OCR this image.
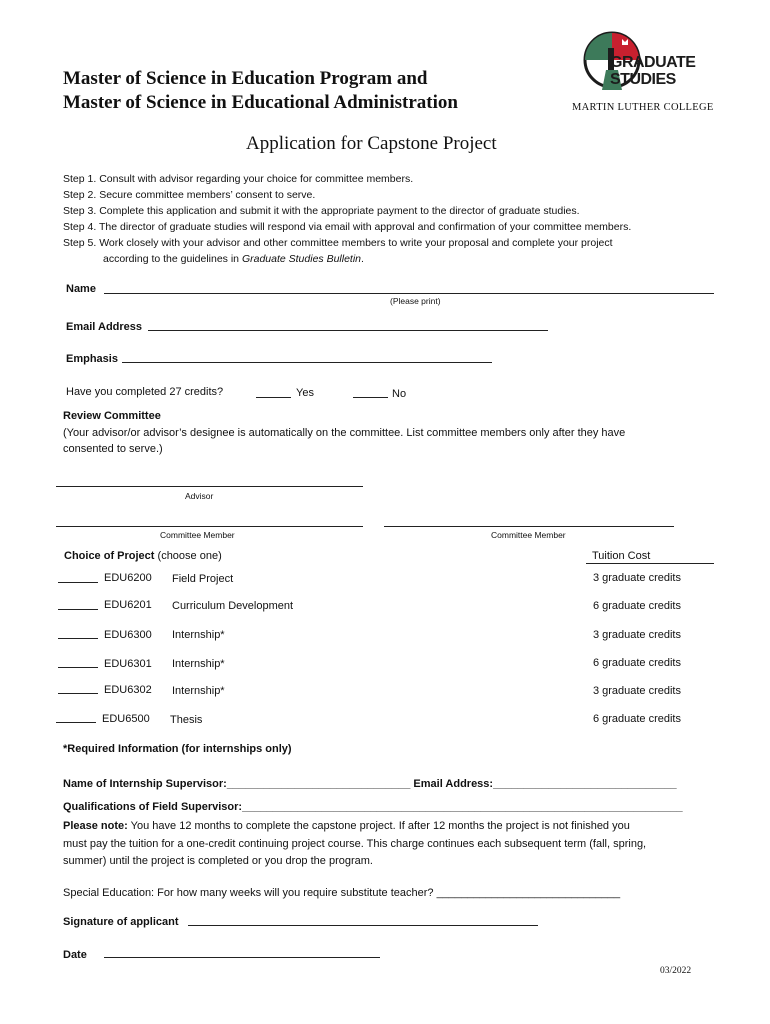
Master of Science in Education Program and
Master of Science in Educational Administration
GRADUATE
STUDIES
MARTIN LUTHER COLLEGE
Application for Capstone Project
Step 1. Consult with advisor regarding your choice for committee members.
Step 2. Secure committee members’ consent to serve.
Step 3. Complete this application and submit it with the appropriate payment to the director of graduate studies.
Step 4. The director of graduate studies will respond via email with approval and confirmation of your committee members.
Step 5. Work closely with your advisor and other committee members to write your proposal and complete your project
according to the guidelines in Graduate Studies Bulletin.
Name
(Please print)
Email Address
Emphasis
Have you completed 27 credits?	Yes	No
Review Committee
(Your advisor/or advisor’s designee is automatically on the committee. List committee members only after they have
consented to serve.)
Advisor
Committee Member	Committee Member
Choice of Project (choose one)	Tuition Cost
EDU6200 Field Project	3 graduate credits
EDU6201 Curriculum Development	6 graduate credits
EDU6300 Internship*	3 graduate credits
EDU6301 Internship*	6 graduate credits
EDU6302 Internship*	3 graduate credits
EDU6500 Thesis	6 graduate credits
*Required Information (for internships only)
Name of Internship Supervisor:______________________________ Email Address:______________________________
Qualifications of Field Supervisor:________________________________________________________________________
Please note: You have 12 months to complete the capstone project. If after 12 months the project is not finished you
must pay the tuition for a one-credit continuing project course. This charge continues each subsequent term (fall, spring,
summer) until the project is completed or you drop the program.
Special Education: For how many weeks will you require substitute teacher? ______________________________
Signature of applicant
Date
03/2022
